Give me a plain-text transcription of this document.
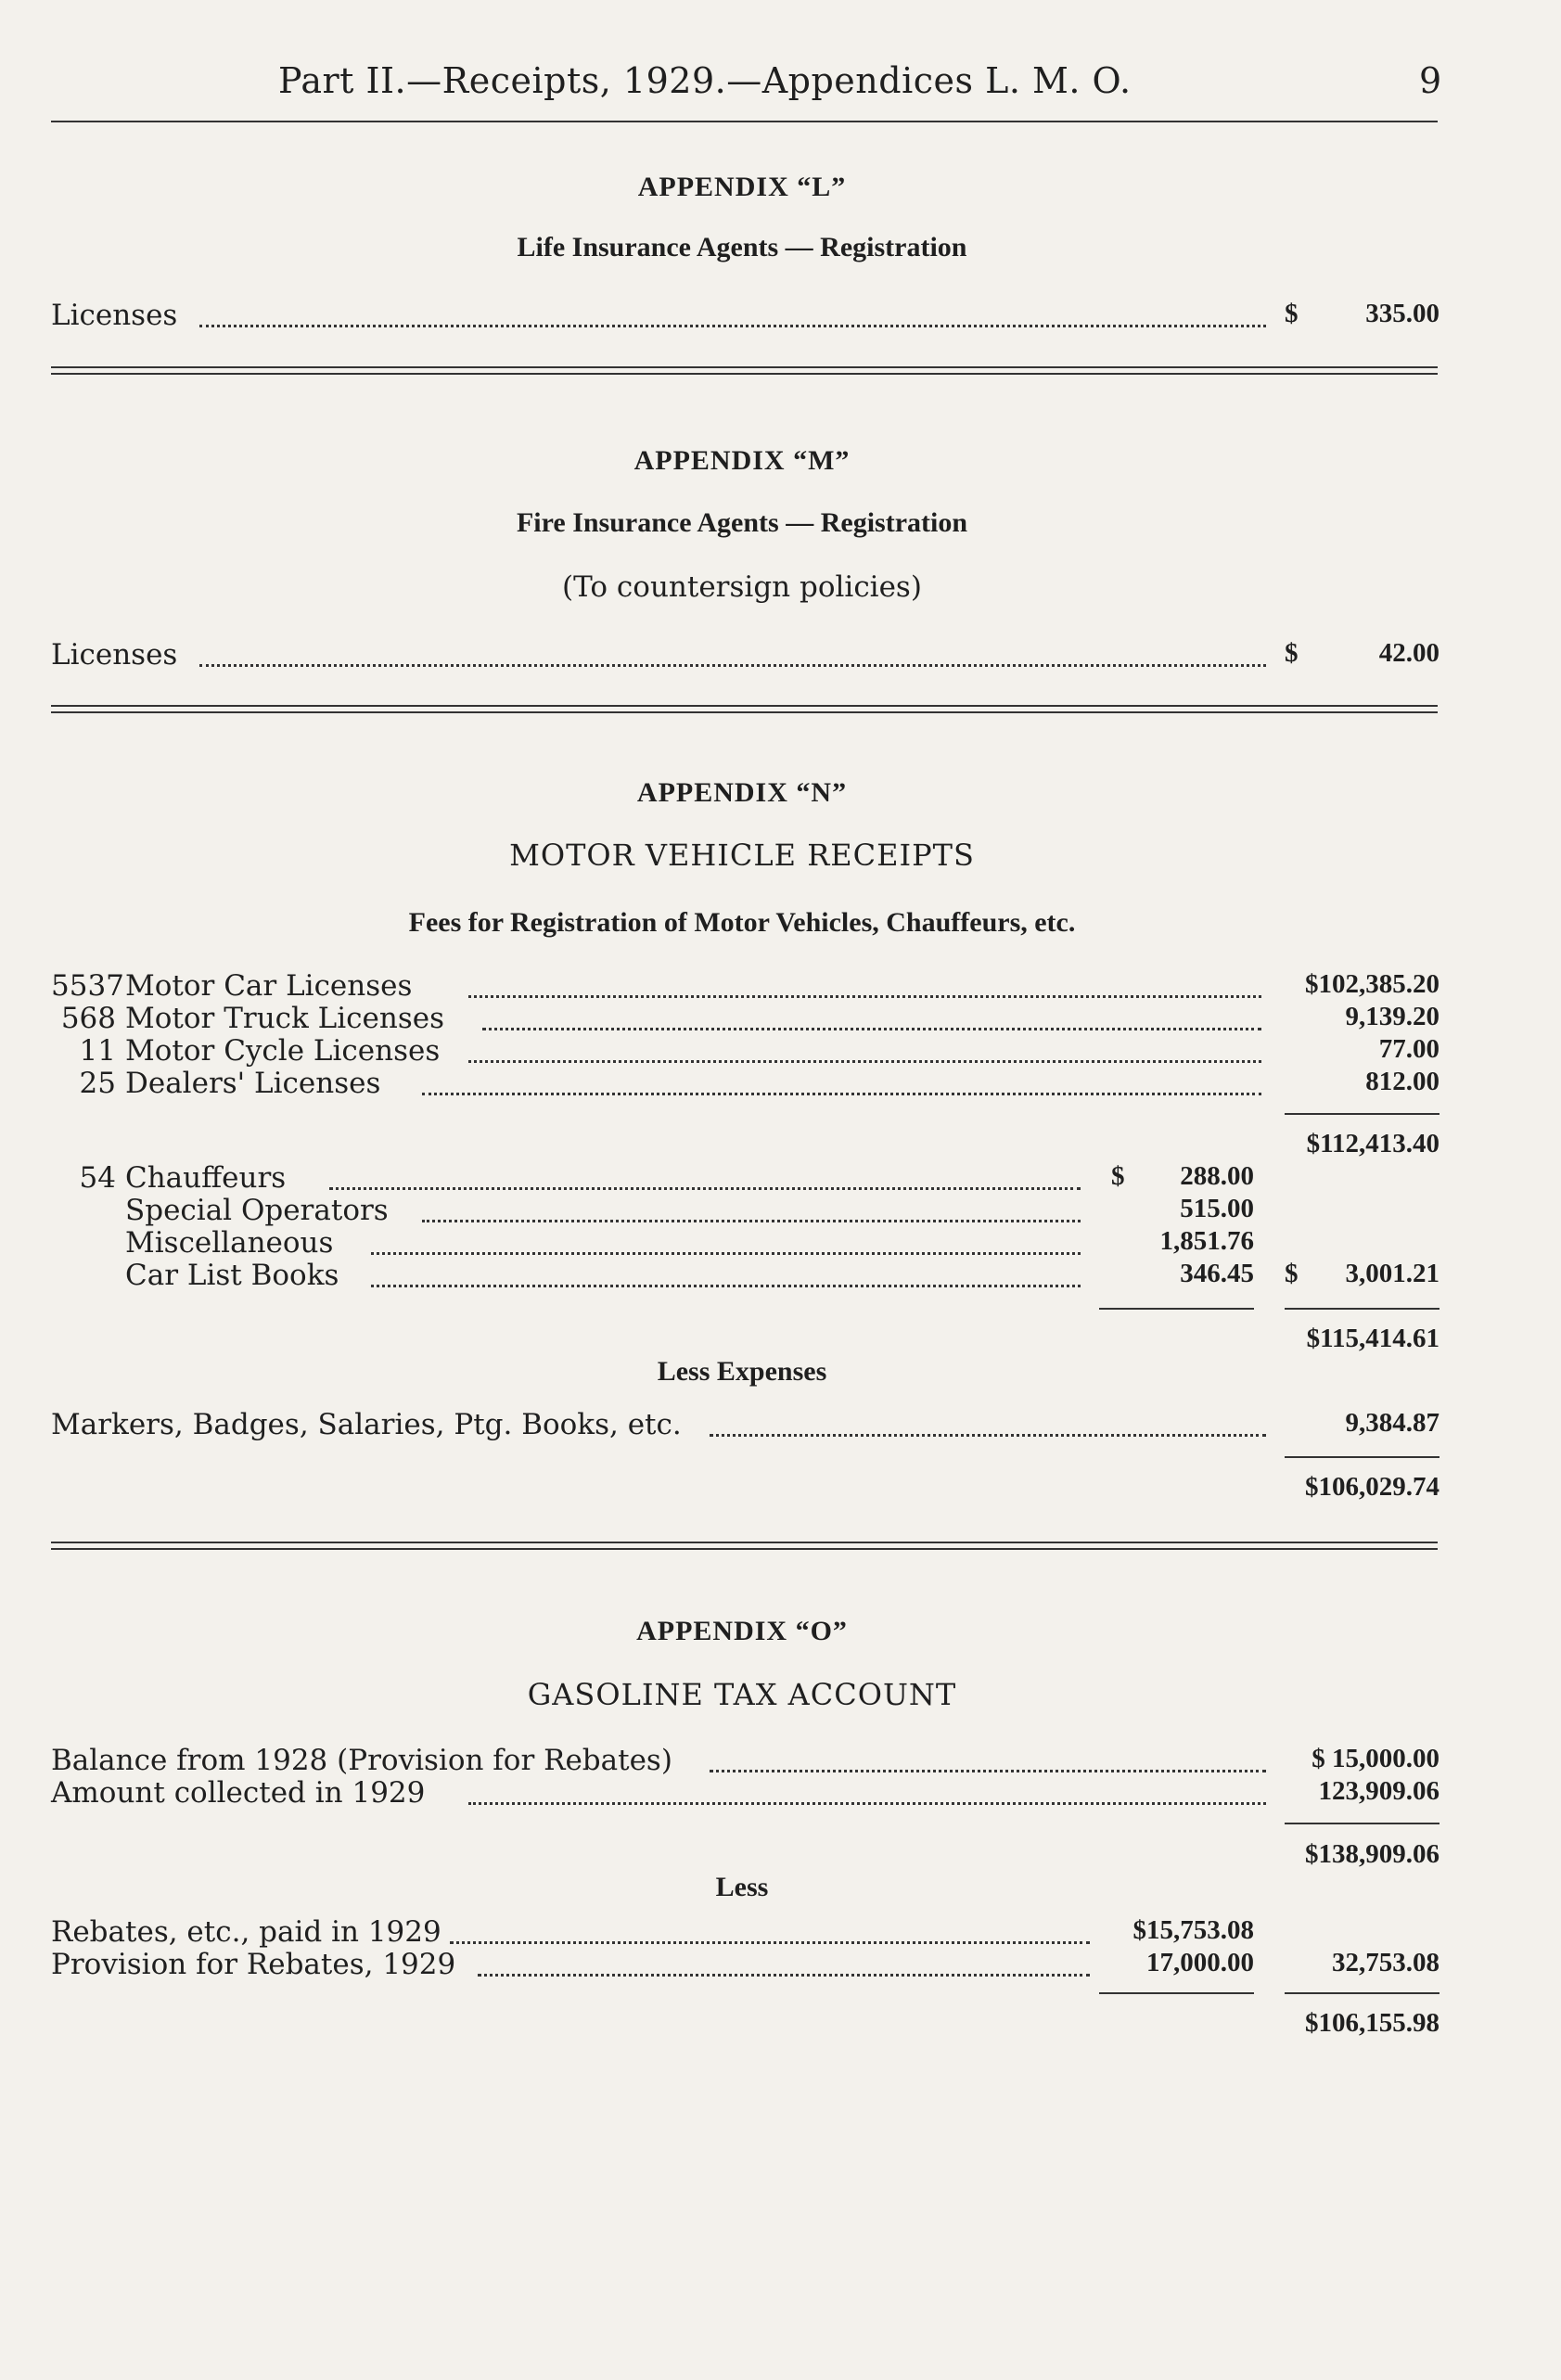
Part II.—Receipts, 1929.—Appendices L. M. O.	9
APPENDIX “L”
Life Insurance Agents — Registration
Licenses	$	335.00
APPENDIX “M”
Fire Insurance Agents — Registration
(To countersign policies)
Licenses	$	42.00
APPENDIX “N”
MOTOR VEHICLE RECEIPTS
Fees for Registration of Motor Vehicles, Chauffeurs, etc.
5537 Motor Car Licenses	$102,385.20
568 Motor Truck Licenses	9,139.20
11 Motor Cycle Licenses	77.00
25 Dealers' Licenses	812.00
$112,413.40
54 Chauffeurs	$	288.00
Special Operators	515.00
Miscellaneous	1,851.76
Car List Books	346.45 $	3,001.21
$115,414.61
Less Expenses
Markers, Badges, Salaries, Ptg. Books, etc.	9,384.87
$106,029.74
APPENDIX “O”
GASOLINE TAX ACCOUNT
Balance from 1928 (Provision for Rebates)	$ 15,000.00
Amount collected in 1929	123,909.06
$138,909.06
Less
Rebates, etc., paid in 1929	$15,753.08
Provision for Rebates, 1929	17,000.00	32,753.08
$106,155.98
